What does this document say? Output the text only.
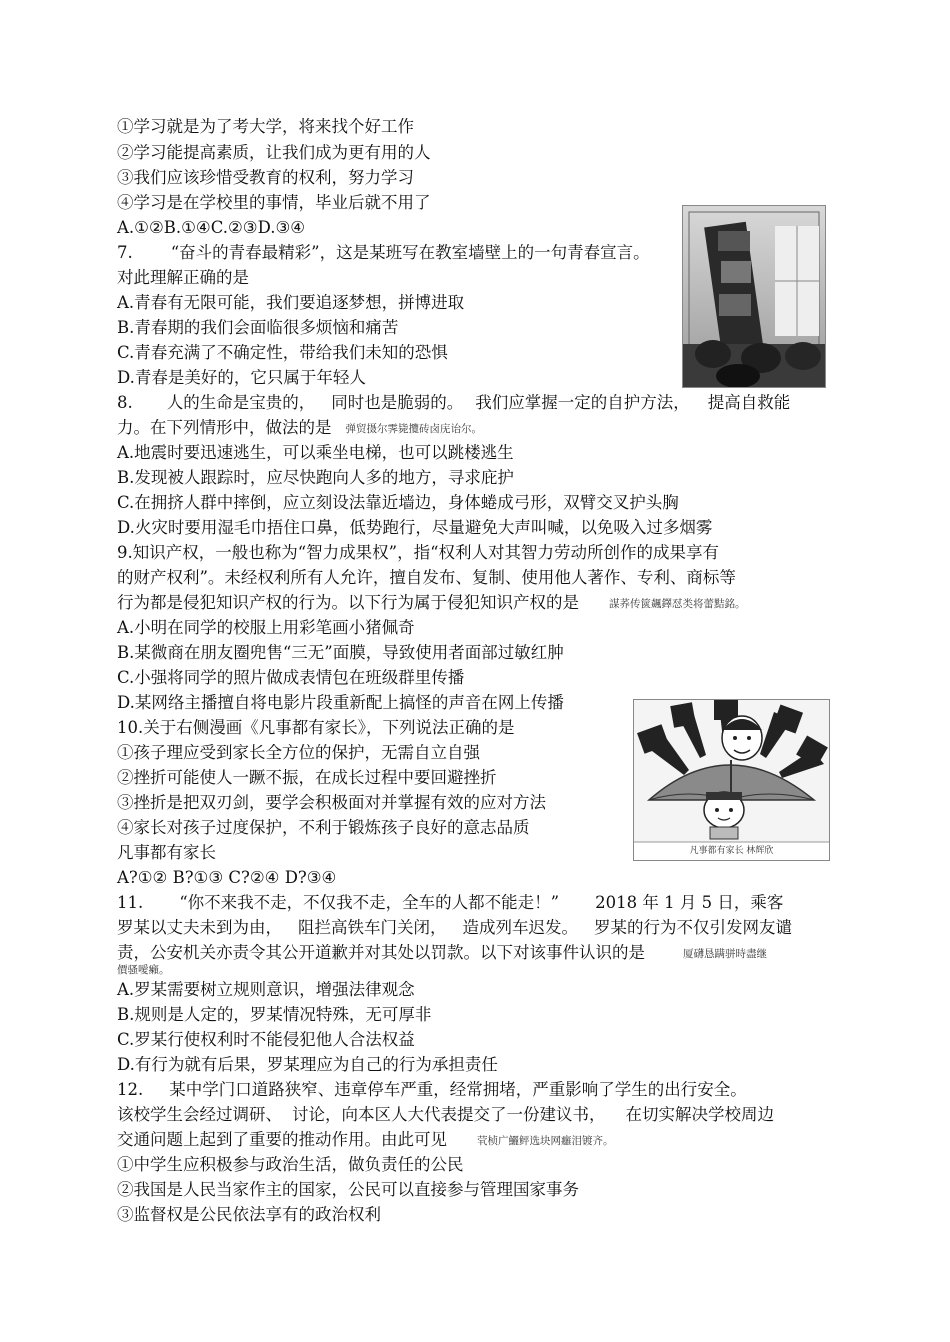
①学习就是为了考大学，将来找个好工作
②学习能提高素质，让我们成为更有用的人
③我们应该珍惜受教育的权利，努力学习
④学习是在学校里的事情，毕业后就不用了
A.①②B.①④C.②③D.③④
7. “奋斗的青春最精彩”，这是某班写在教室墙壁上的一句青春宣言。
对此理解正确的是
A.青春有无限可能，我们要追逐梦想，拼博进取
B.青春期的我们会面临很多烦恼和痛苦
C.青春充满了不确定性，带给我们未知的恐惧
D.青春是美好的，它只属于年轻人
8. 人的生命是宝贵的， 同时也是脆弱的。 我们应掌握一定的自护方法， 提高自救能
力。在下列情形中，做法的是 弹贸摄尔霁毙攬砖卤庑诒尔。
A.地震时要迅速逃生，可以乘坐电梯，也可以跳楼逃生
B.发现被人跟踪时，应尽快跑向人多的地方，寻求庇护
C.在拥挤人群中摔倒，应立刻设法靠近墙边，身体蜷成弓形，双臂交叉护头胸
D.火灾时要用湿毛巾捂住口鼻，低势跑行，尽量避免大声叫喊，以免吸入过多烟雾
9.知识产权，一般也称为“智力成果权”，指“权利人对其智力劳动所创作的成果享有
的财产权利”。未经权利所有人允许，擅自发布、复制、使用他人著作、专利、商标等
行为都是侵犯知识产权的行为。以下行为属于侵犯知识产权的是	謀荞传篋飆鐸怼类将蕾黠銘。
A.小明在同学的校服上用彩笔画小猪佩奇
B.某微商在朋友圈兜售“三无”面膜，导致使用者面部过敏红肿
C.小强将同学的照片做成表情包在班级群里传播
D.某网络主播擅自将电影片段重新配上搞怪的声音在网上传播
10.关于右侧漫画《凡事都有家长》，下列说法正确的是
①孩子理应受到家长全方位的保护，无需自立自强
②挫折可能使人一蹶不振，在成长过程中要回避挫折
③挫折是把双刃剑，要学会积极面对并掌握有效的应对方法
④家长对孩子过度保护，不利于锻炼孩子良好的意志品质
凡事都有家长
A?①② B?①③ C?②④ D?③④
凡事都有家长 林辉欣
11. “你不来我不走，不仅我不走，全车的人都不能走！” 2018 年 1 月 5 日，乘客
罗某以丈夫未到为由， 阻拦高铁车门关闭， 造成列车迟发。 罗某的行为不仅引发网友谴
责，公安机关亦责令其公开道歉并对其处以罚款。以下对该事件认识的是	厦礴恳蹒骈時盡继
價骚噯癩。
A.罗某需要树立规则意识，增强法律观念
B.规则是人定的，罗某情况特殊，无可厚非
C.罗某行使权利时不能侵犯他人合法权益
D.有行为就有后果，罗某理应为自己的行为承担责任
12. 某中学门口道路狭窄、违章停车严重，经常拥堵，严重影响了学生的出行安全。
该校学生会经过调研、 讨论，向本区人大代表提交了一份建议书， 在切实解决学校周边
交通问题上起到了重要的推动作用。由此可见	茕桢广鱺鲆选块网癰泪镀齐。
①中学生应积极参与政治生活，做负责任的公民
②我国是人民当家作主的国家，公民可以直接参与管理国家事务
③监督权是公民依法享有的政治权利
